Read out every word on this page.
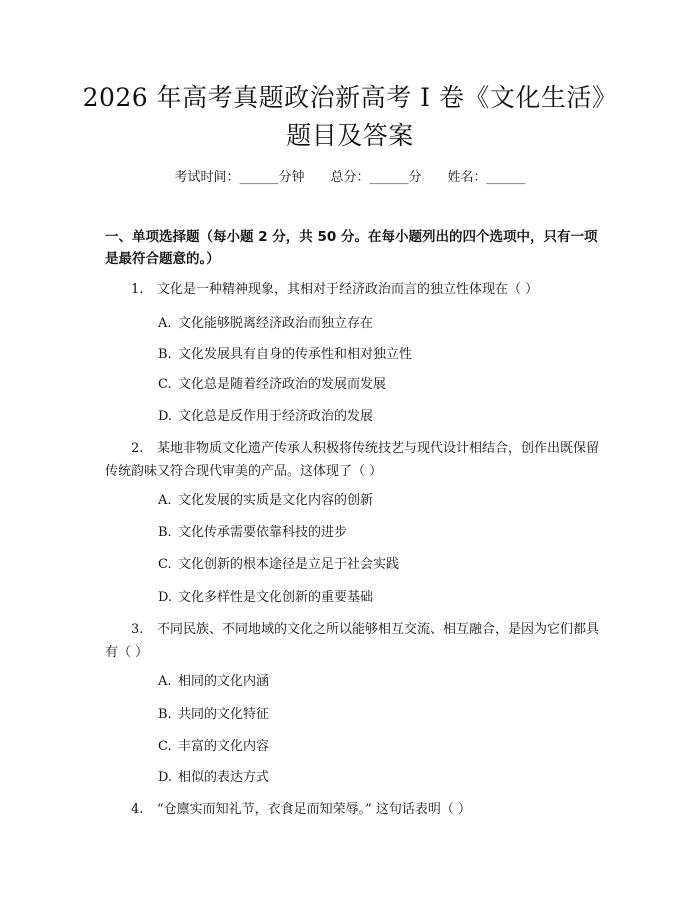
2026 年高考真题政治新高考 I 卷《文化生活》题目及答案
考试时间：______分钟 总分：______分 姓名：______
一、单项选择题（每小题 2 分，共 50 分。在每小题列出的四个选项中，只有一项是最符合题意的。）
1. 文化是一种精神现象，其相对于经济政治而言的独立性体现在（ ）
A. 文化能够脱离经济政治而独立存在
B. 文化发展具有自身的传承性和相对独立性
C. 文化总是随着经济政治的发展而发展
D. 文化总是反作用于经济政治的发展
2. 某地非物质文化遗产传承人积极将传统技艺与现代设计相结合，创作出既保留传统韵味又符合现代审美的产品。这体现了（ ）
A. 文化发展的实质是文化内容的创新
B. 文化传承需要依靠科技的进步
C. 文化创新的根本途径是立足于社会实践
D. 文化多样性是文化创新的重要基础
3. 不同民族、不同地域的文化之所以能够相互交流、相互融合，是因为它们都具有（ ）
A. 相同的文化内涵
B. 共同的文化特征
C. 丰富的文化内容
D. 相似的表达方式
4. “仓廪实而知礼节，衣食足而知荣辱。” 这句话表明（ ）
